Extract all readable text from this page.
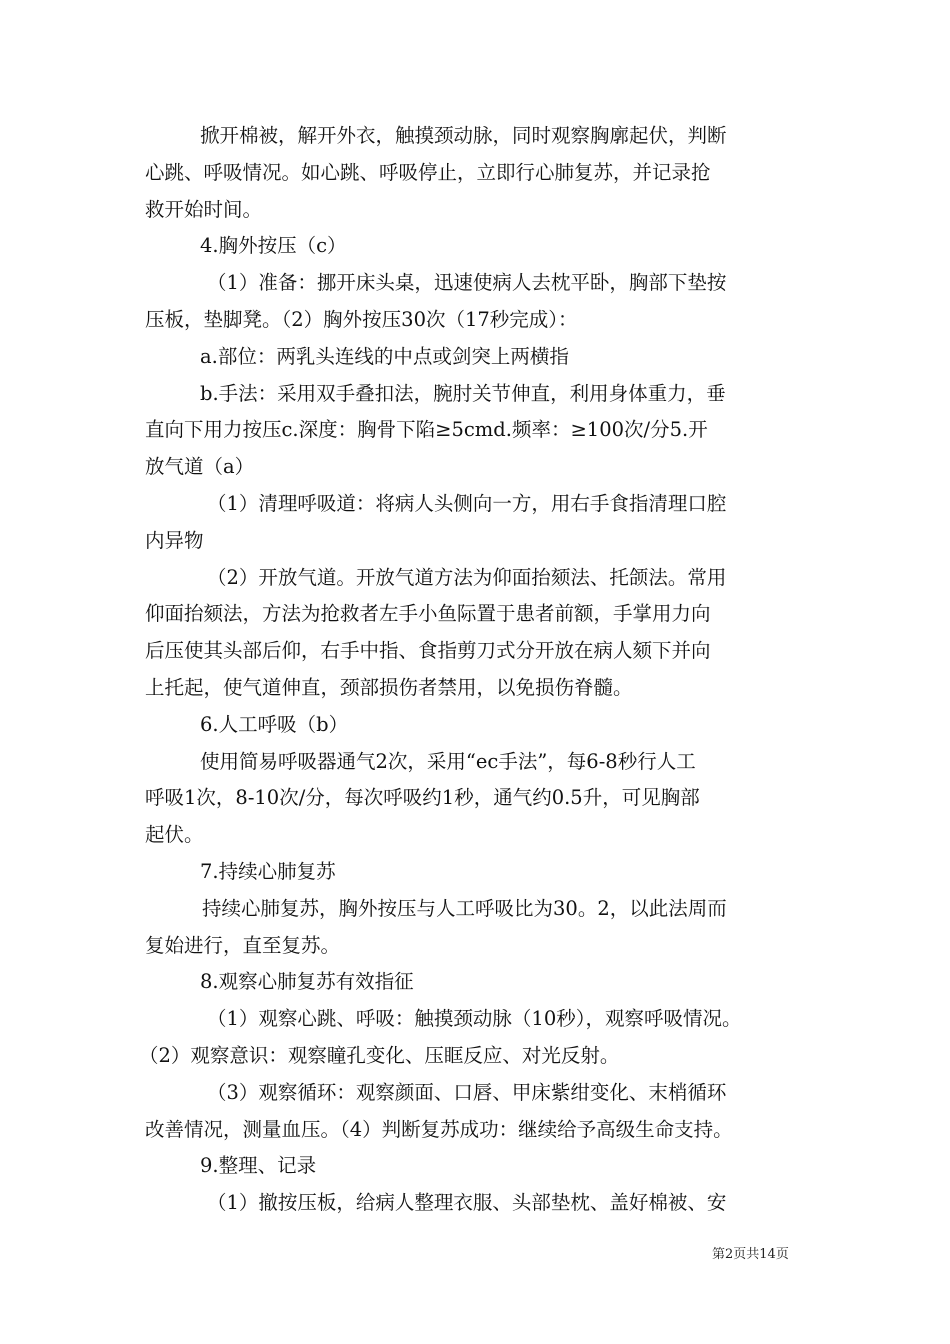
掀开棉被，解开外衣，触摸颈动脉，同时观察胸廓起伏，判断
心跳、呼吸情况。如心跳、呼吸停止，立即行心肺复苏，并记录抢
救开始时间。
4.胸外按压（c）
（1）准备：挪开床头桌，迅速使病人去枕平卧，胸部下垫按
压板，垫脚凳。（2）胸外按压30次（17秒完成）：
a.部位：两乳头连线的中点或剑突上两横指
b.手法：采用双手叠扣法，腕肘关节伸直，利用身体重力，垂
直向下用力按压c.深度：胸骨下陷≥5cmd.频率：≥100次/分5.开
放气道（a）
（1）清理呼吸道：将病人头侧向一方，用右手食指清理口腔
内异物
（2）开放气道。开放气道方法为仰面抬颏法、托颌法。常用
仰面抬颏法，方法为抢救者左手小鱼际置于患者前额，手掌用力向
后压使其头部后仰，右手中指、食指剪刀式分开放在病人颏下并向
上托起，使气道伸直，颈部损伤者禁用，以免损伤脊髓。
6.人工呼吸（b）
使用简易呼吸器通气2次，采用“ec手法”，每6-8秒行人工
呼吸1次，8-10次/分，每次呼吸约1秒，通气约0.5升，可见胸部
起伏。
7.持续心肺复苏
持续心肺复苏，胸外按压与人工呼吸比为30。2，以此法周而
复始进行，直至复苏。
8.观察心肺复苏有效指征
（1）观察心跳、呼吸：触摸颈动脉（10秒），观察呼吸情况。
（2）观察意识：观察瞳孔变化、压眶反应、对光反射。
（3）观察循环：观察颜面、口唇、甲床紫绀变化、末梢循环
改善情况，测量血压。（4）判断复苏成功：继续给予高级生命支持。
9.整理、记录
（1）撤按压板，给病人整理衣服、头部垫枕、盖好棉被、安
第2页共14页
